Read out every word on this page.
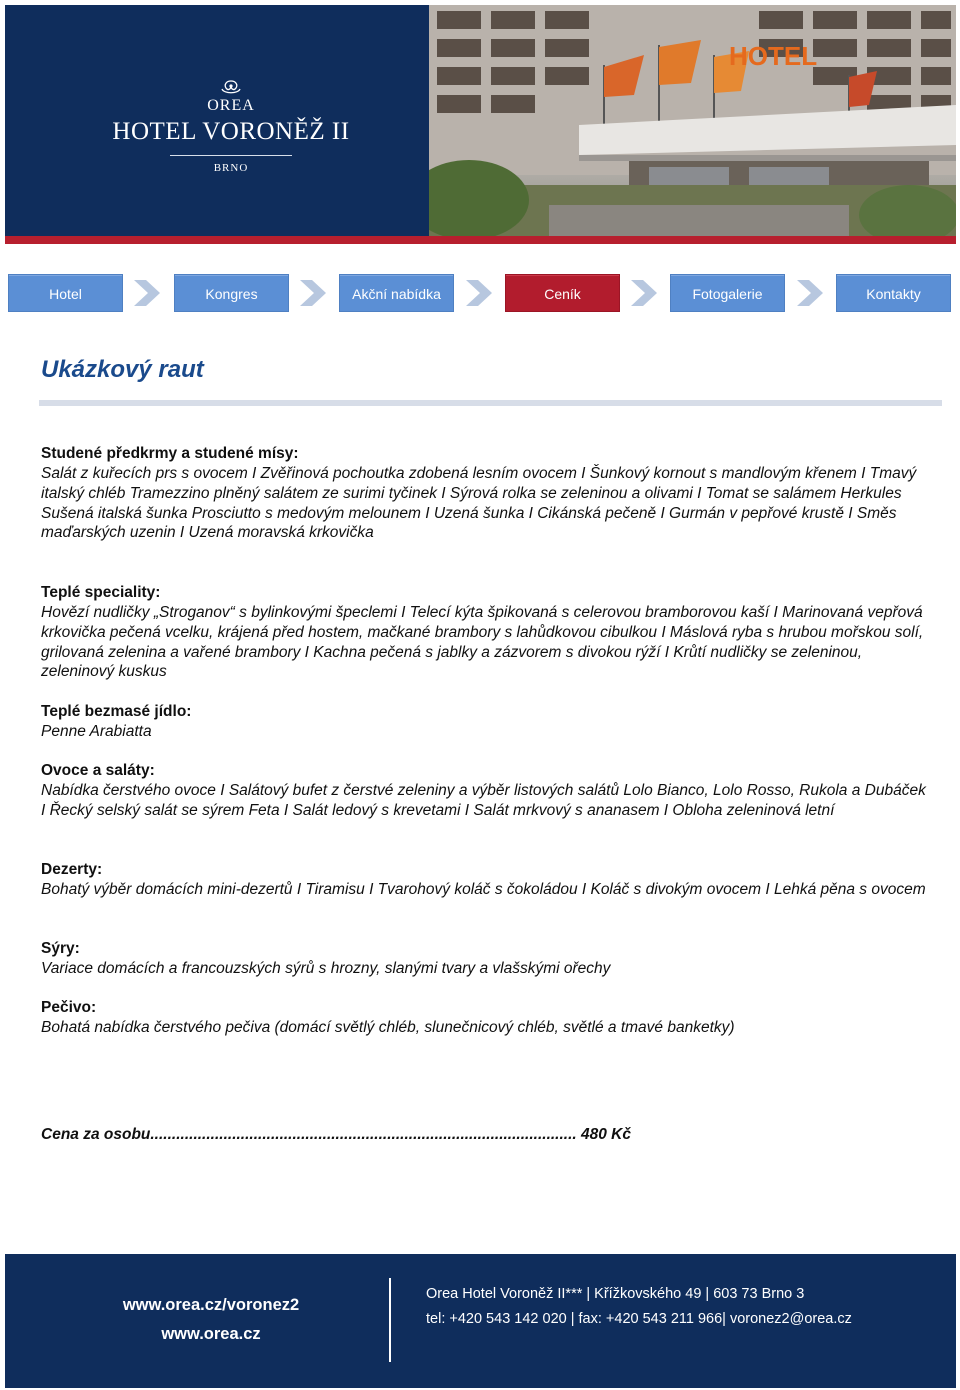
OREA
HOTEL VORONĚŽ II
BRNO
HOTEL
Hotel	Kongres	Akční nabídka	Ceník	Fotogalerie	Kontakty
Ukázkový raut
Studené předkrmy a studené mísy:
Salát z kuřecích prs s ovocem I Zvěřinová pochoutka zdobená lesním ovocem I Šunkový kornout s mandlovým křenem I Tmavý italský chléb Tramezzino plněný salátem ze surimi tyčinek I Sýrová rolka se zeleninou a olivami I Tomat se salámem Herkules
Sušená italská šunka Prosciutto s medovým melounem I Uzená šunka I Cikánská pečeně I Gurmán v pepřové krustě I Směs maďarských uzenin I Uzená moravská krkovička
Teplé speciality:
Hovězí nudličky „Stroganov“ s bylinkovými špeclemi I Telecí kýta špikovaná s celerovou bramborovou kaší I Marinovaná vepřová krkovička pečená vcelku, krájená před hostem, mačkané brambory s lahůdkovou cibulkou I Máslová ryba s hrubou mořskou solí, grilovaná zelenina a vařené brambory I Kachna pečená s jablky a zázvorem s divokou rýží I Krůtí nudličky se zeleninou, zeleninový kuskus
Teplé bezmasé jídlo:
Penne Arabiatta
Ovoce a saláty:
Nabídka čerstvého ovoce I Salátový bufet z čerstvé zeleniny a výběr listových salátů Lolo Bianco, Lolo Rosso, Rukola a Dubáček I Řecký selský salát se sýrem Feta I Salát ledový s krevetami I Salát mrkvový s ananasem I Obloha zeleninová letní
Dezerty:
Bohatý výběr domácích mini-dezertů I Tiramisu I Tvarohový koláč s čokoládou I Koláč s divokým ovocem I Lehká pěna s ovocem
Sýry:
Variace domácích a francouzských sýrů s hrozny, slanými tvary a vlašskými ořechy
Pečivo:
Bohatá nabídka čerstvého pečiva (domácí světlý chléb, slunečnicový chléb, světlé a tmavé banketky)
Cena za osobu................................................................................................... 480 Kč
www.orea.cz/voronez2
www.orea.cz
Orea Hotel Voroněž II*** | Křížkovského 49 | 603 73 Brno 3
tel: +420 543 142 020 | fax: +420 543 211 966| voronez2@orea.cz
